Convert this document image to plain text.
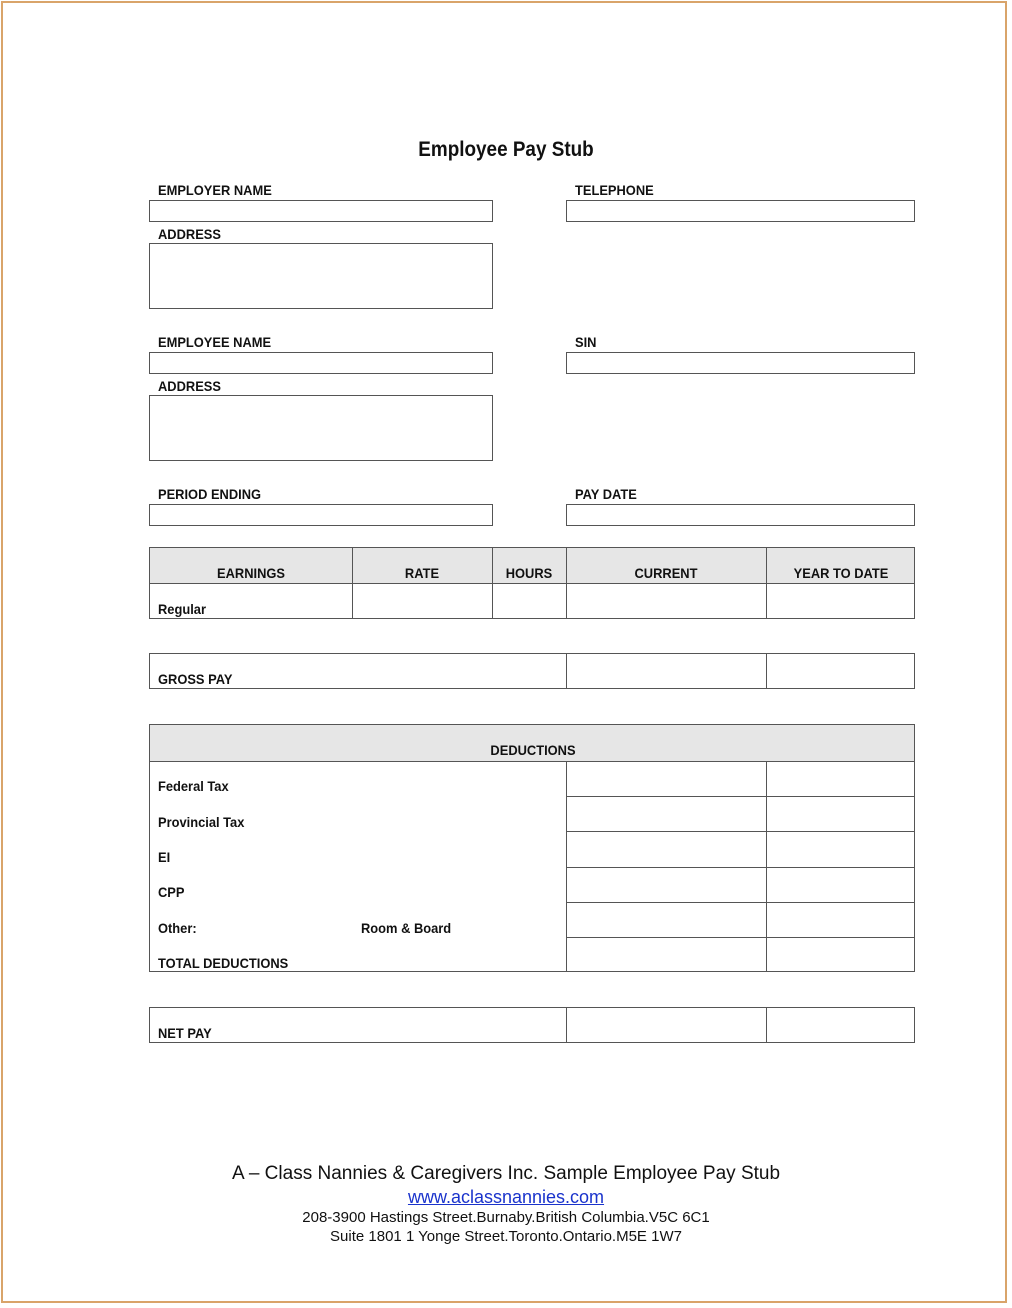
Employee Pay Stub
EMPLOYER NAME	TELEPHONE
ADDRESS
EMPLOYEE NAME	SIN
ADDRESS
PERIOD ENDING	PAY DATE
EARNINGS	RATE	HOURS	CURRENT	YEAR TO DATE
Regular
GROSS PAY
DEDUCTIONS
Federal Tax
Provincial Tax
EI
CPP
Other:	Room & Board
TOTAL DEDUCTIONS
NET PAY
A – Class Nannies & Caregivers Inc. Sample Employee Pay Stub
www.aclassnannies.com
208-3900 Hastings Street.Burnaby.British Columbia.V5C 6C1
Suite 1801 1 Yonge Street.Toronto.Ontario.M5E 1W7
